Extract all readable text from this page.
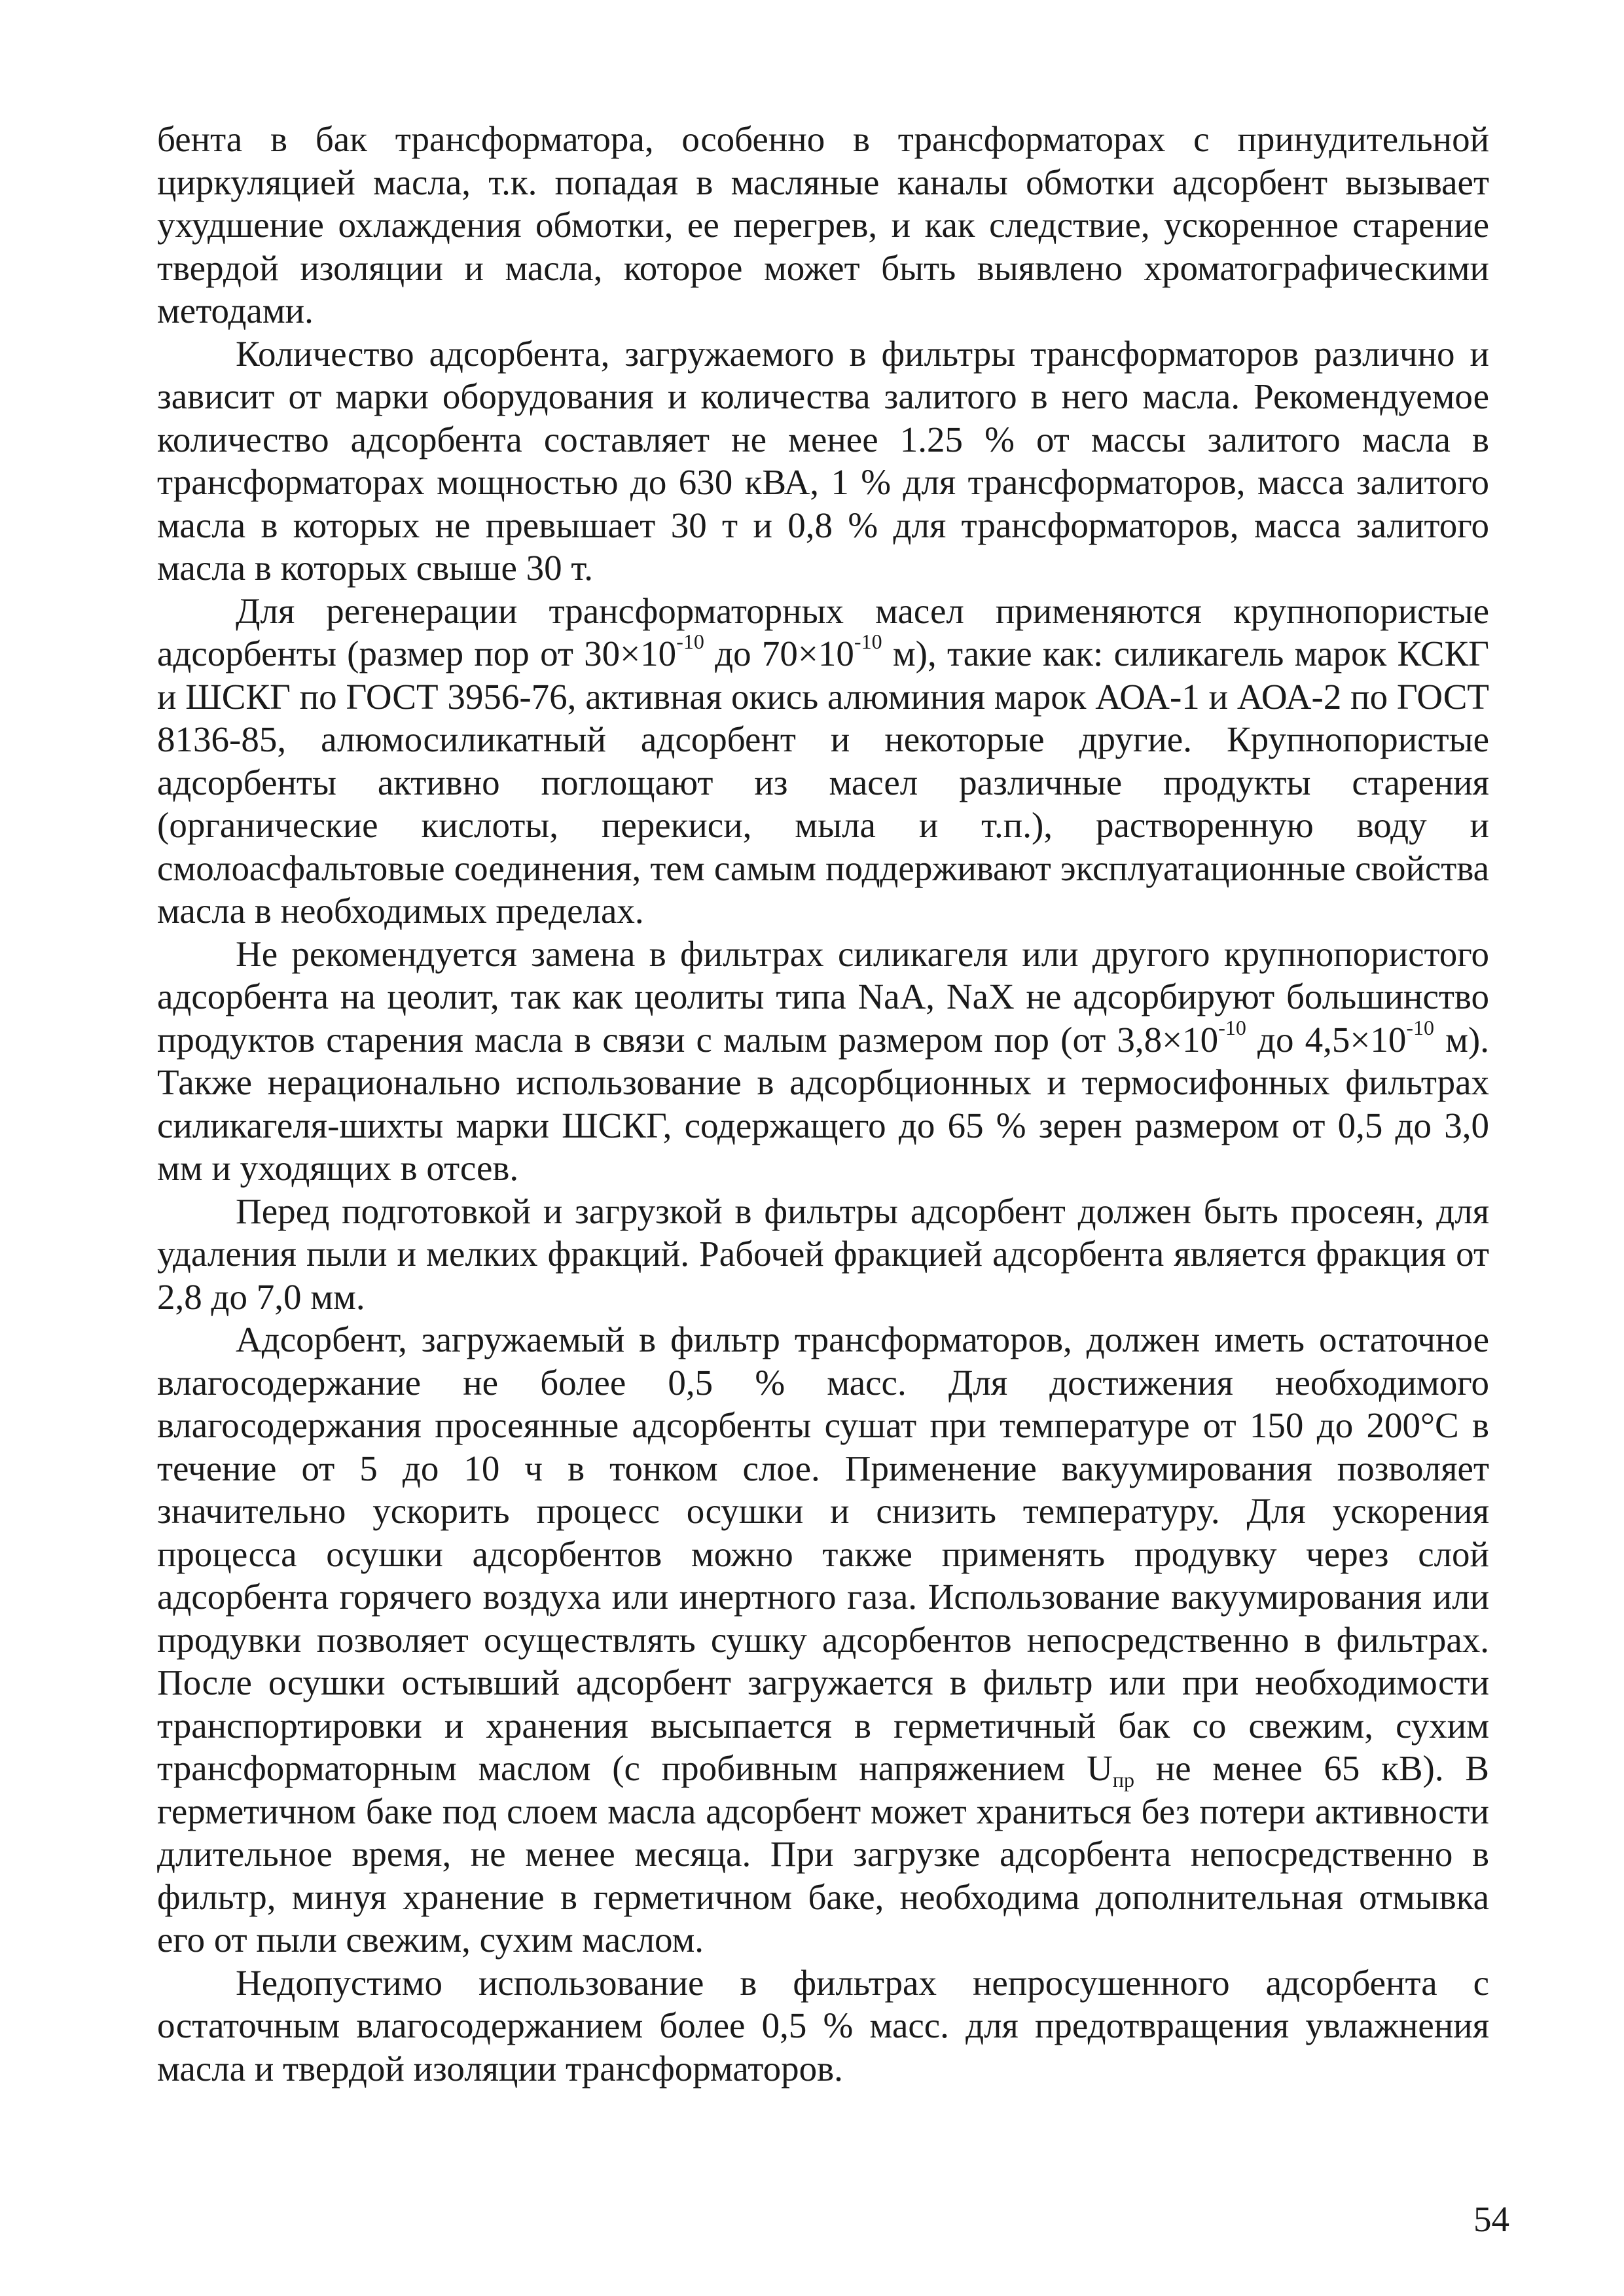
бента в бак трансформатора, особенно в трансформаторах с принудительной циркуляцией масла, т.к. попадая в масляные каналы обмотки адсорбент вызывает ухудшение охлаждения обмотки, ее перегрев, и как следствие, ускоренное старение твердой изоляции и масла, которое может быть выявлено хроматографическими методами.

Количество адсорбента, загружаемого в фильтры трансформаторов различно и зависит от марки оборудования и количества залитого в него масла. Рекомендуемое количество адсорбента составляет не менее 1.25 % от массы залитого масла в трансформаторах мощностью до 630 кВА, 1 % для трансформаторов, масса залитого масла в которых не превышает 30 т и 0,8 % для трансформаторов, масса залитого масла в которых свыше 30 т.

Для регенерации трансформаторных масел применяются крупнопористые адсорбенты (размер пор от $30\times 10^{-10}$ до $70\times 10^{-10}$ м), такие как: силикагель марок КСКГ и ШСКГ по ГОСТ 3956-76, активная окись алюминия марок АОА-1 и АОА-2 по ГОСТ 8136-85, алюмосиликатный адсорбент и некоторые другие. Крупнопористые адсорбенты активно поглощают из масел различные продукты старения (органические кислоты, перекиси, мыла и т.п.), растворенную воду и смолоасфальтовые соединения, тем самым поддерживают эксплуатационные свойства масла в необходимых пределах.

Не рекомендуется замена в фильтрах силикагеля или другого крупнопористого адсорбента на цеолит, так как цеолиты типа NaA, NaX не адсорбируют большинство продуктов старения масла в связи с малым размером пор (от $3,8\times 10^{-10}$ до $4,5\times 10^{-10}$ м). Также нерационально использование в адсорбционных и термосифонных фильтрах силикагеля-шихты марки ШСКГ, содержащего до 65 % зерен размером от 0,5 до 3,0 мм и уходящих в отсев.

Перед подготовкой и загрузкой в фильтры адсорбент должен быть просеян, для удаления пыли и мелких фракций. Рабочей фракцией адсорбента является фракция от 2,8 до 7,0 мм.

Адсорбент, загружаемый в фильтр трансформаторов, должен иметь остаточное влагосодержание не более 0,5 % масс. Для достижения необходимого влагосодержания просеянные адсорбенты сушат при температуре от 150 до 200°С в течение от 5 до 10 ч в тонком слое. Применение вакуумирования позволяет значительно ускорить процесс осушки и снизить температуру. Для ускорения процесса осушки адсорбентов можно также применять продувку через слой адсорбента горячего воздуха или инертного газа. Использование вакуумирования или продувки позволяет осуществлять сушку адсорбентов непосредственно в фильтрах. После осушки остывший адсорбент загружается в фильтр или при необходимости транспортировки и хранения высыпается в герметичный бак со свежим, сухим трансформаторным маслом (с пробивным напряжением $U_{пр}$ не менее 65 кВ). В герметичном баке под слоем масла адсорбент может храниться без потери активности длительное время, не менее месяца. При загрузке адсорбента непосредственно в фильтр, минуя хранение в герметичном баке, необходима дополнительная отмывка его от пыли свежим, сухим маслом.

Недопустимо использование в фильтрах непросушенного адсорбента с остаточным влагосодержанием более 0,5 % масс. для предотвращения увлажнения масла и твердой изоляции трансформаторов.

54
